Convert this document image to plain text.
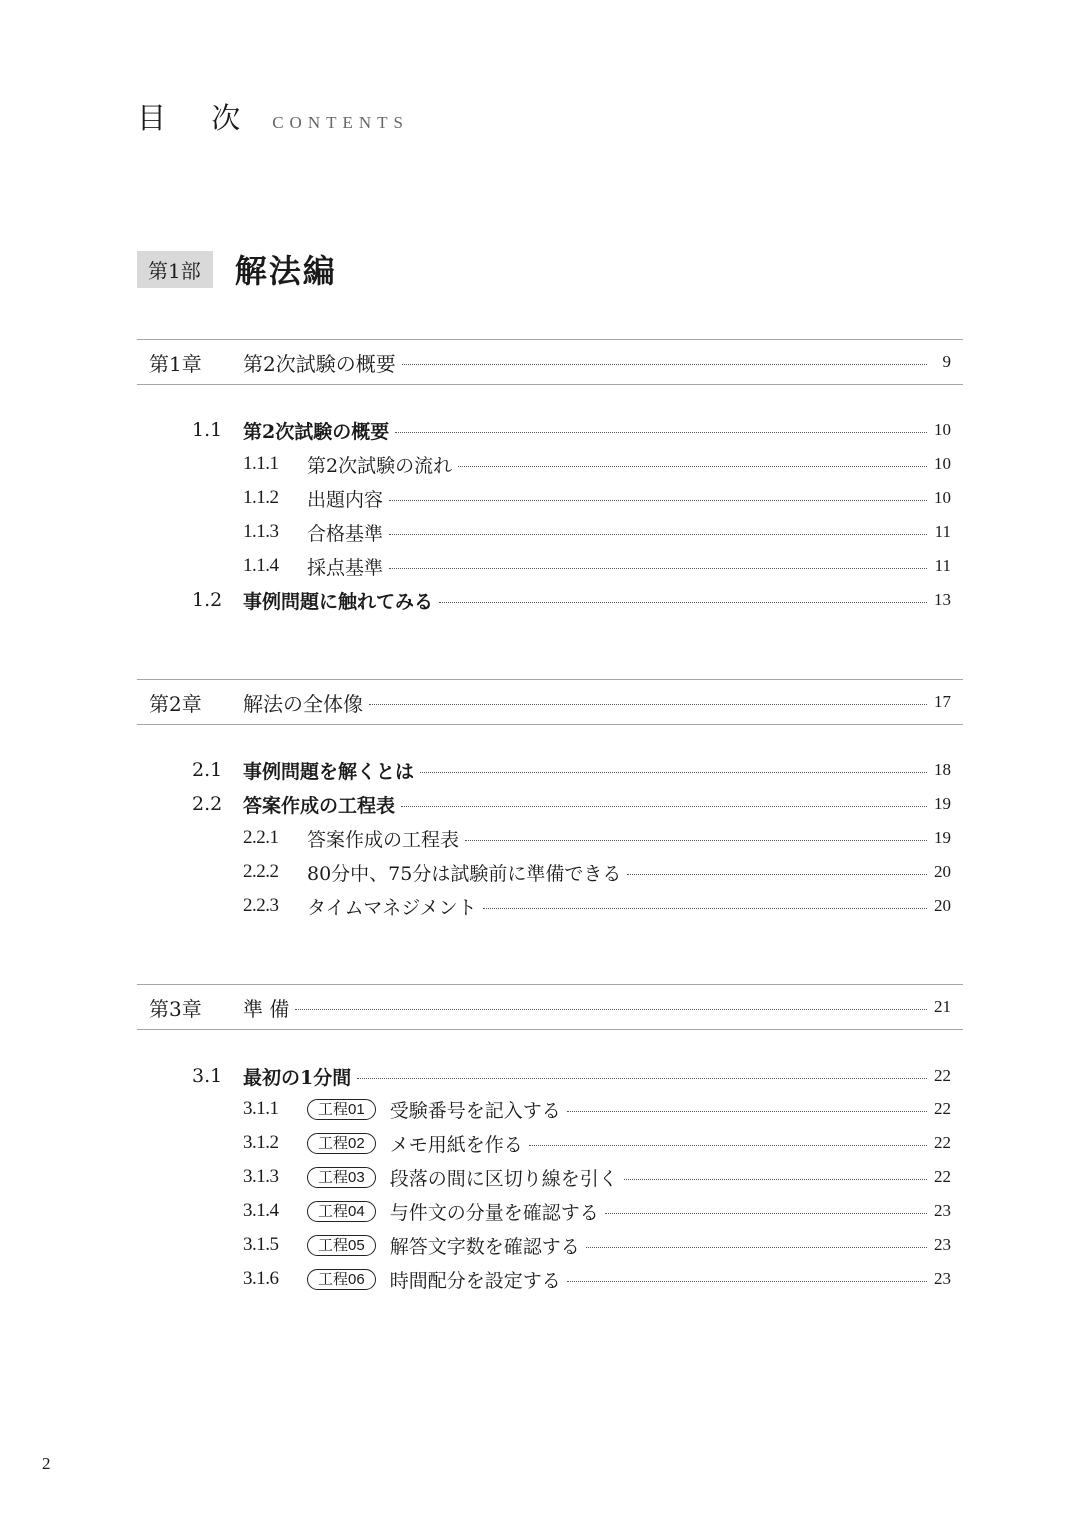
目 次 CONTENTS
第1部	解法編
第1章	第2次試験の概要	9
1.1	第2次試験の概要	10
1.1.1	第2次試験の流れ	10
1.1.2	出題内容	10
1.1.3	合格基準	11
1.1.4	採点基準	11
1.2	事例問題に触れてみる	13
第2章	解法の全体像	17
2.1	事例問題を解くとは	18
2.2	答案作成の工程表	19
2.2.1	答案作成の工程表	19
2.2.2	80分中、75分は試験前に準備できる	20
2.2.3	タイムマネジメント	20
第3章	準 備	21
3.1	最初の1分間	22
3.1.1	工程01	受験番号を記入する	22
3.1.2	工程02	メモ用紙を作る	22
3.1.3	工程03	段落の間に区切り線を引く	22
3.1.4	工程04	与件文の分量を確認する	23
3.1.5	工程05	解答文字数を確認する	23
3.1.6	工程06	時間配分を設定する	23
2
